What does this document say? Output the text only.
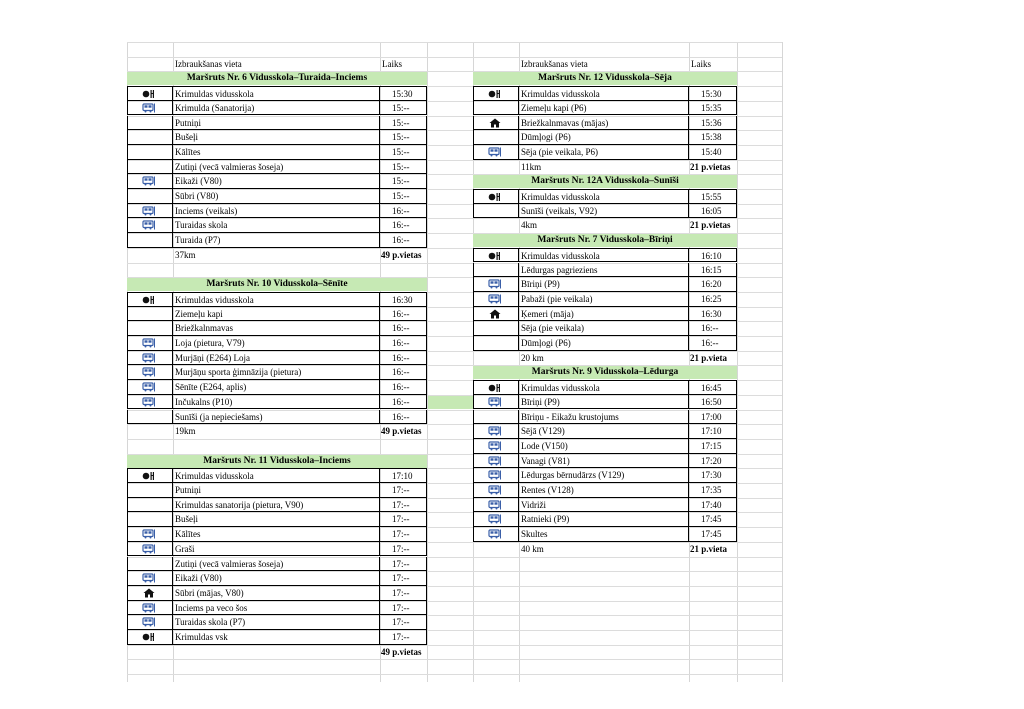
Izbraukšanas vieta	Laiks
Maršruts Nr. 6 Vidusskola–Turaida–Inciems
Krimuldas vidusskola	15:30
Krimulda (Sanatorija)	15:--
Putniņi	15:--
Bušeļi	15:--
Kālītes	15:--
Zutiņi (vecā valmieras šoseja)	15:--
Eikaži (V80)	15:--
Sūbri (V80)	15:--
Inciems (veikals)	16:--
Turaidas skola	16:--
Turaida (P7)	16:--
37km	49 p.vietas
Maršruts Nr. 10 Vidusskola–Sēnīte
Krimuldas vidusskola	16:30
Ziemeļu kapi	16:--
Briežkalnmavas	16:--
Loja (pietura, V79)	16:--
Murjāņi (E264) Loja	16:--
Murjāņu sporta ģimnāzija (pietura)	16:--
Sēnīte (E264, aplis)	16:--
Inčukalns (P10)	16:--
Sunīši (ja nepieciešams)	16:--
19km	49 p.vietas
Maršruts Nr. 11 Vidusskola–Inciems
Krimuldas vidusskola	17:10
Putniņi	17:--
Krimuldas sanatorija (pietura, V90)	17:--
Bušeļi	17:--
Kālītes	17:--
Graši	17:--
Zutiņi (vecā valmieras šoseja)	17:--
Eikaži (V80)	17:--
Sūbri (mājas, V80)	17:--
Inciems pa veco šos	17:--
Turaidas skola (P7)	17:--
Krimuldas vsk	17:--
49 p.vietas
Izbraukšanas vieta	Laiks
Maršruts Nr. 12 Vidusskola–Sēja
Krimuldas vidusskola	15:30
Ziemeļu kapi (P6)	15:35
Briežkalnmavas (mājas)	15:36
Dūmļogi (P6)	15:38
Sēja (pie veikala, P6)	15:40
11km	21 p.vietas
Maršruts Nr. 12A Vidusskola–Sunīši
Krimuldas vidusskola	15:55
Sunīši (veikals, V92)	16:05
4km	21 p.vietas
Maršruts Nr. 7 Vidusskola–Bīriņi
Krimuldas vidusskola	16:10
Lēdurgas pagrieziens	16:15
Bīriņi (P9)	16:20
Pabaži (pie veikala)	16:25
Ķemeri (māja)	16:30
Sēja (pie veikala)	16:--
Dūmļogi (P6)	16:--
20 km	21 p.vieta
Maršruts Nr. 9 Vidusskola–Lēdurga
Krimuldas vidusskola	16:45
Bīriņi (P9)	16:50
Bīriņu - Eikažu krustojums	17:00
Sējā (V129)	17:10
Lode (V150)	17:15
Vanagi (V81)	17:20
Lēdurgas bērnudārzs (V129)	17:30
Rentes (V128)	17:35
Vidriži	17:40
Ratnieki (P9)	17:45
Skultes	17:45
40 km	21 p.vieta
